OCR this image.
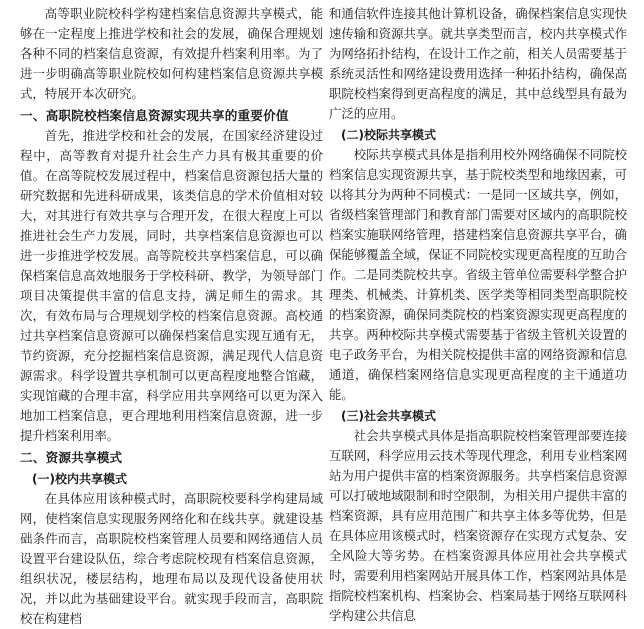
高等职业院校科学构建档案信息资源共享模式，能够在一定程度上推进学校和社会的发展，确保合理规划各种不同的档案信息资源，有效提升档案利用率。为了进一步明确高等职业院校如何构建档案信息资源共享模式，特展开本次研究。

一、高职院校档案信息资源实现共享的重要价值

首先，推进学校和社会的发展，在国家经济建设过程中，高等教育对提升社会生产力具有极其重要的价值。在高等院校发展过程中，档案信息资源包括大量的研究数据和先进科研成果，该类信息的学术价值相对较大，对其进行有效共享与合理开发，在很大程度上可以推进社会生产力发展，同时，共享档案信息资源也可以进一步推进学校发展。高等院校共享档案信息，可以确保档案信息高效地服务于学校科研、教学，为领导部门项目决策提供丰富的信息支持，满足师生的需求。其次，有效布局与合理规划学校的档案信息资源。高校通过共享档案信息资源可以确保档案信息实现互通有无，节约资源，充分挖掘档案信息资源，满足现代人信息资源需求。科学设置共享机制可以更高程度地整合馆藏，实现馆藏的合理丰富，科学应用共享网络可以更为深入地加工档案信息，更合理地利用档案信息资源，进一步提升档案利用率。

二、资源共享模式
(一)校内共享模式

在具体应用该种模式时，高职院校要科学构建局域网，使档案信息实现服务网络化和在线共享。就建设基础条件而言，高职院校档案管理人员要和网络通信人员设置平台建设队伍，综合考虑院校现有档案信息资源，组织状况，楼层结构，地理布局以及现代设备使用状况，并以此为基础建设平台。就实现手段而言，高职院校在构建档

和通信软件连接其他计算机设备，确保档案信息实现快速传输和资源共享。就共享类型而言，校内共享模式作为网络拓扑结构，在设计工作之前，相关人员需要基于系统灵活性和网络建设费用选择一种拓扑结构，确保高职院校档案得到更高程度的满足，其中总线型具有最为广泛的应用。

(二)校际共享模式

校际共享模式具体是指利用校外网络确保不同院校档案信息实现资源共享，基于院校类型和地缘因素，可以将其分为两种不同模式：一是同一区域共享，例如，省级档案管理部门和教育部门需要对区域内的高职院校档案实施联网络管理，搭建档案信息资源共享平台，确保能够覆盖全域，保证不同院校实现更高程度的互助合作。二是同类院校共享。省级主管单位需要科学整合护理类、机械类、计算机类、医学类等相同类型高职院校的档案资源，确保同类院校的档案资源实现更高程度的共享。两种校际共享模式需要基于省级主管机关设置的电子政务平台，为相关院校提供丰富的网络资源和信息通道，确保档案网络信息实现更高程度的主干通道功能。

(三)社会共享模式

社会共享模式具体是指高职院校档案管理部要连接互联网，科学应用云技术等现代理念，利用专业档案网站为用户提供丰富的档案资源服务。共享档案信息资源可以打破地域限制和时空限制，为相关用户提供丰富的档案资源，具有应用范围广和共享主体多等优势，但是在具体应用该模式时，档案资源存在实现方式复杂、安全风险大等劣势。在档案资源具体应用社会共享模式时，需要利用档案网站开展具体工作，档案网站具体是指院校档案机构、档案协会、档案局基于网络互联网科学构建公共信息
